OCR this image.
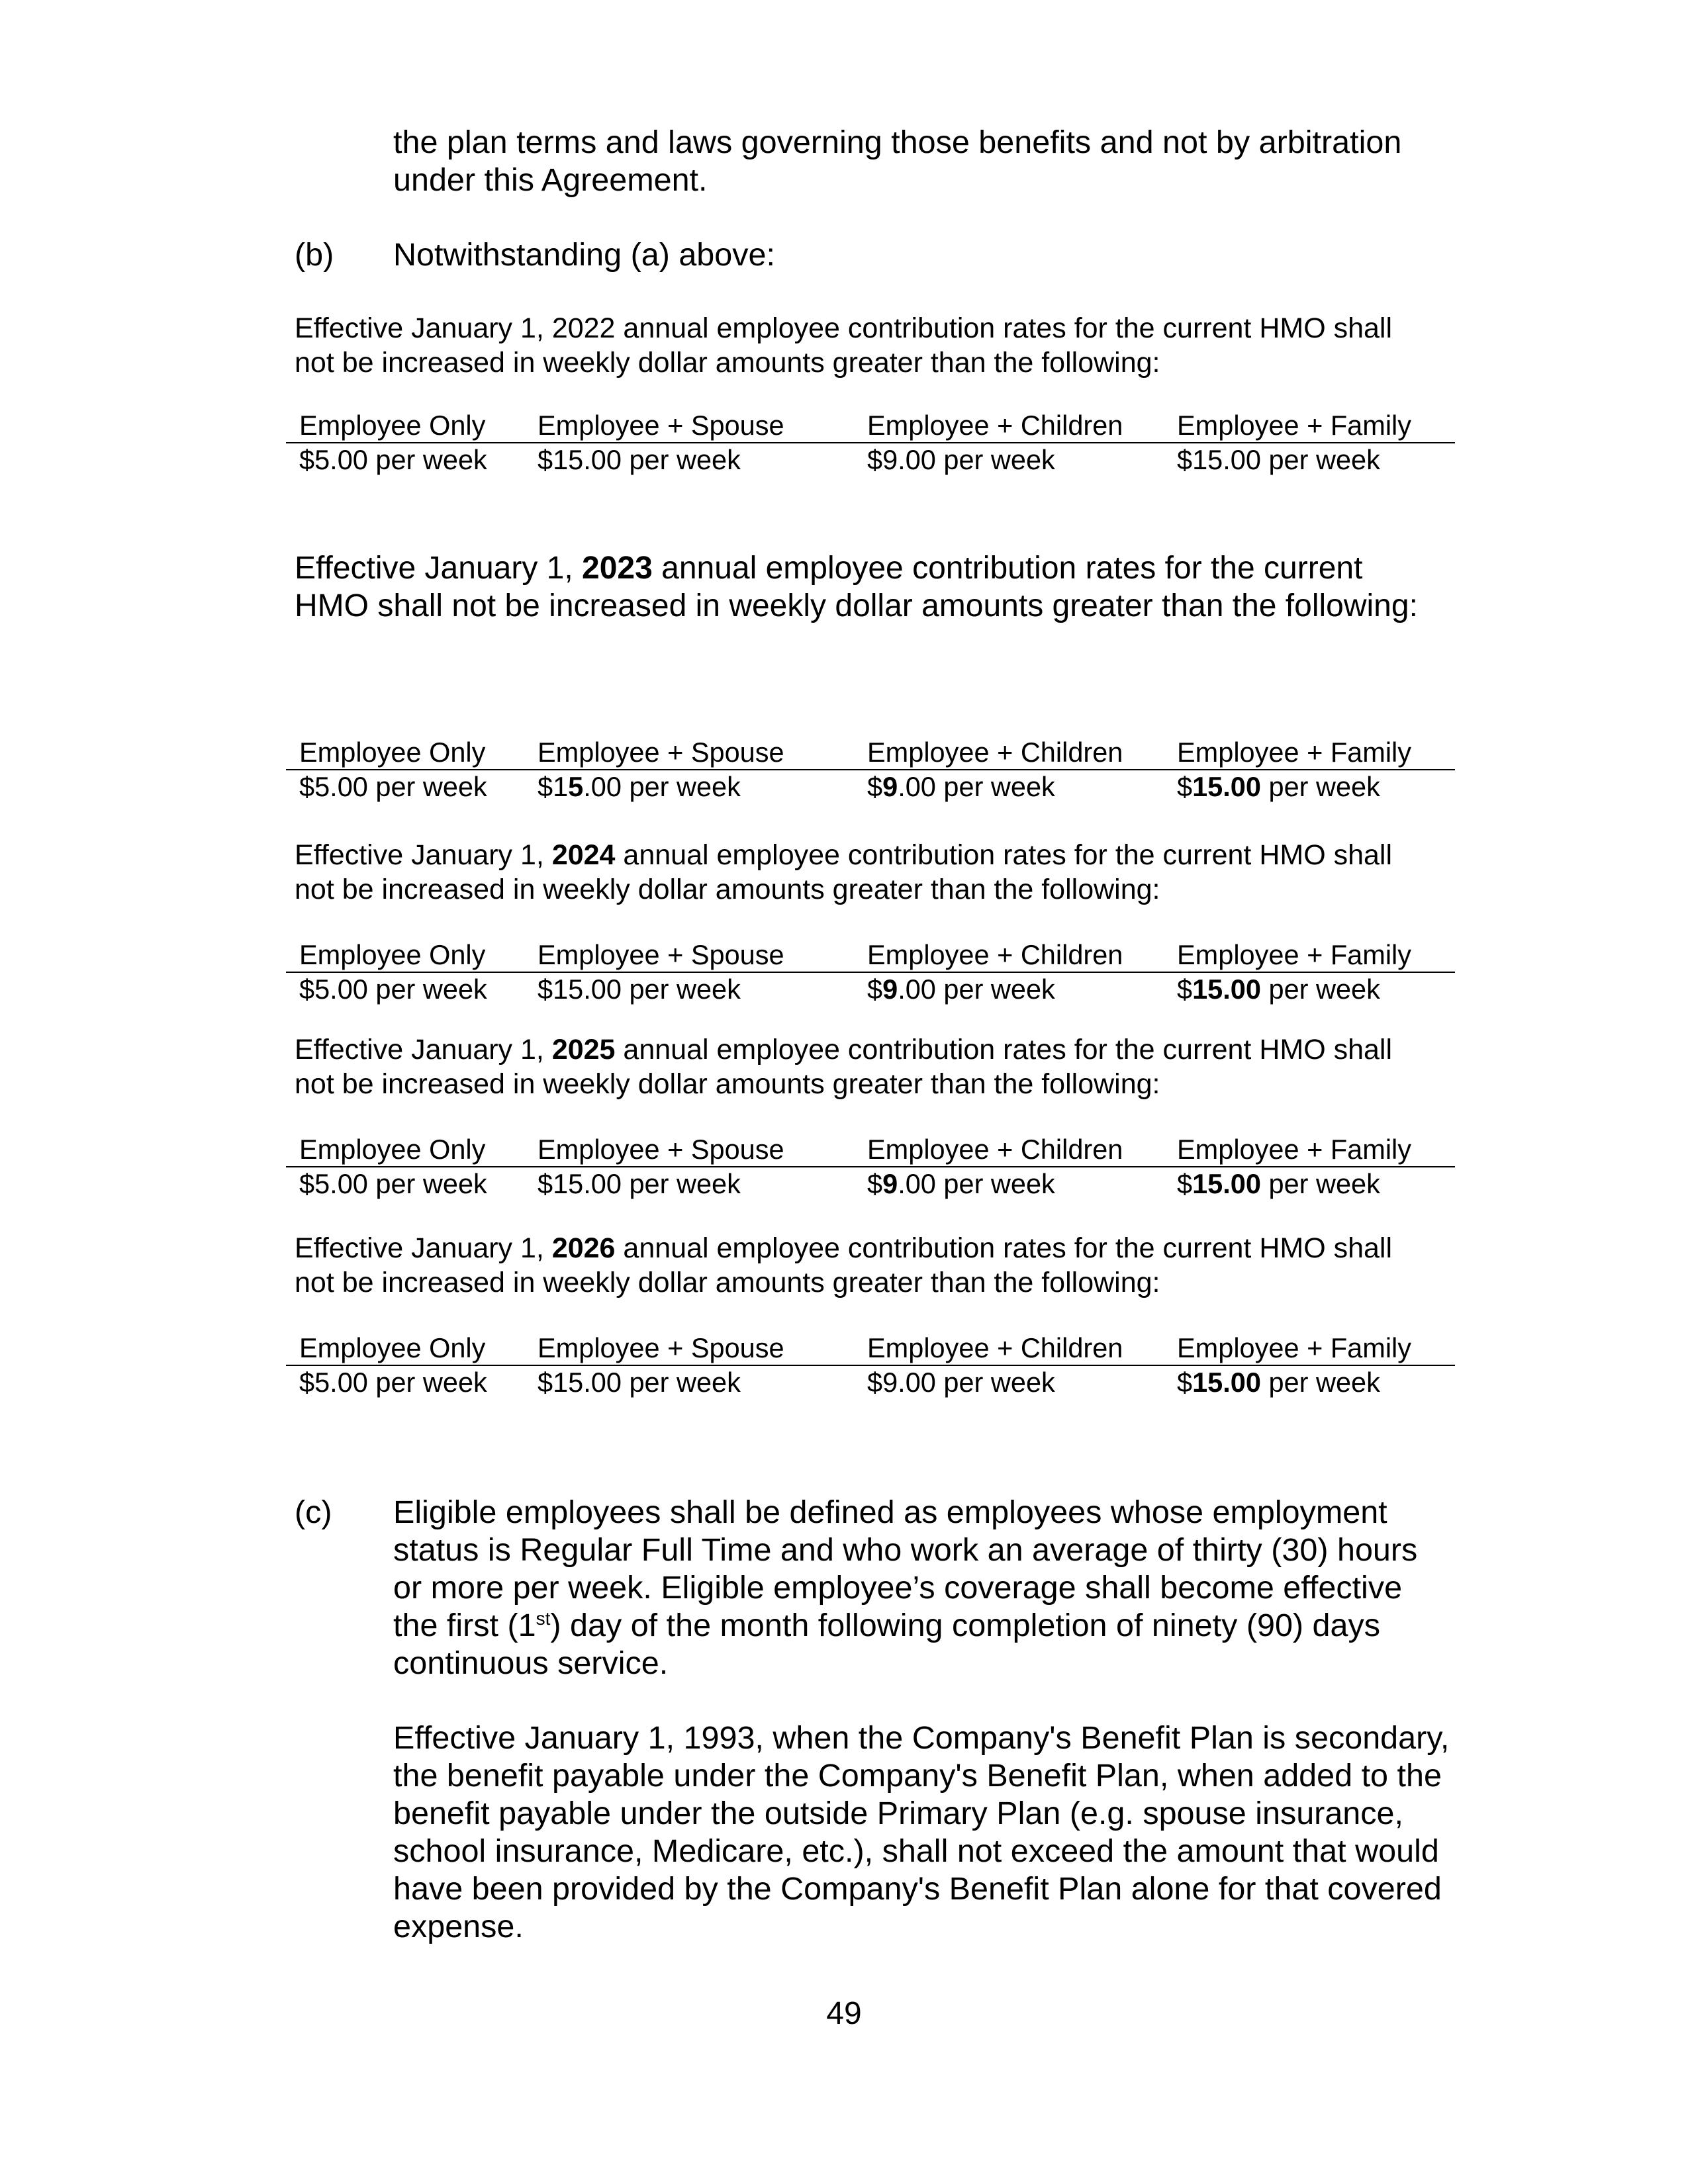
the plan terms and laws governing those benefits and not by arbitration
under this Agreement.
(b) Notwithstanding (a) above:
Effective January 1, 2022 annual employee contribution rates for the current HMO shall
not be increased in weekly dollar amounts greater than the following:
Employee Only Employee + Spouse	Employee + Children Employee + Family
$5.00 per week $15.00 per week	$9.00 per week	$15.00 per week
Effective January 1, 2023 annual employee contribution rates for the current
HMO shall not be increased in weekly dollar amounts greater than the following:
Employee Only Employee + Spouse	Employee + Children Employee + Family
$5.00 per week $15.00 per week	$9.00 per week	$15.00 per week
Effective January 1, 2024 annual employee contribution rates for the current HMO shall
not be increased in weekly dollar amounts greater than the following:
Employee Only Employee + Spouse	Employee + Children Employee + Family
$5.00 per week $15.00 per week	$9.00 per week	$15.00 per week
Effective January 1, 2025 annual employee contribution rates for the current HMO shall
not be increased in weekly dollar amounts greater than the following:
Employee Only Employee + Spouse	Employee + Children Employee + Family
$5.00 per week $15.00 per week	$9.00 per week	$15.00 per week
Effective January 1, 2026 annual employee contribution rates for the current HMO shall
not be increased in weekly dollar amounts greater than the following:
Employee Only Employee + Spouse	Employee + Children Employee + Family
$5.00 per week $15.00 per week	$9.00 per week	$15.00 per week
(c) Eligible employees shall be defined as employees whose employment
status is Regular Full Time and who work an average of thirty (30) hours
or more per week. Eligible employee’s coverage shall become effective
the first (1st) day of the month following completion of ninety (90) days
continuous service.
Effective January 1, 1993, when the Company's Benefit Plan is secondary,
the benefit payable under the Company's Benefit Plan, when added to the
benefit payable under the outside Primary Plan (e.g. spouse insurance,
school insurance, Medicare, etc.), shall not exceed the amount that would
have been provided by the Company's Benefit Plan alone for that covered
expense.
49
